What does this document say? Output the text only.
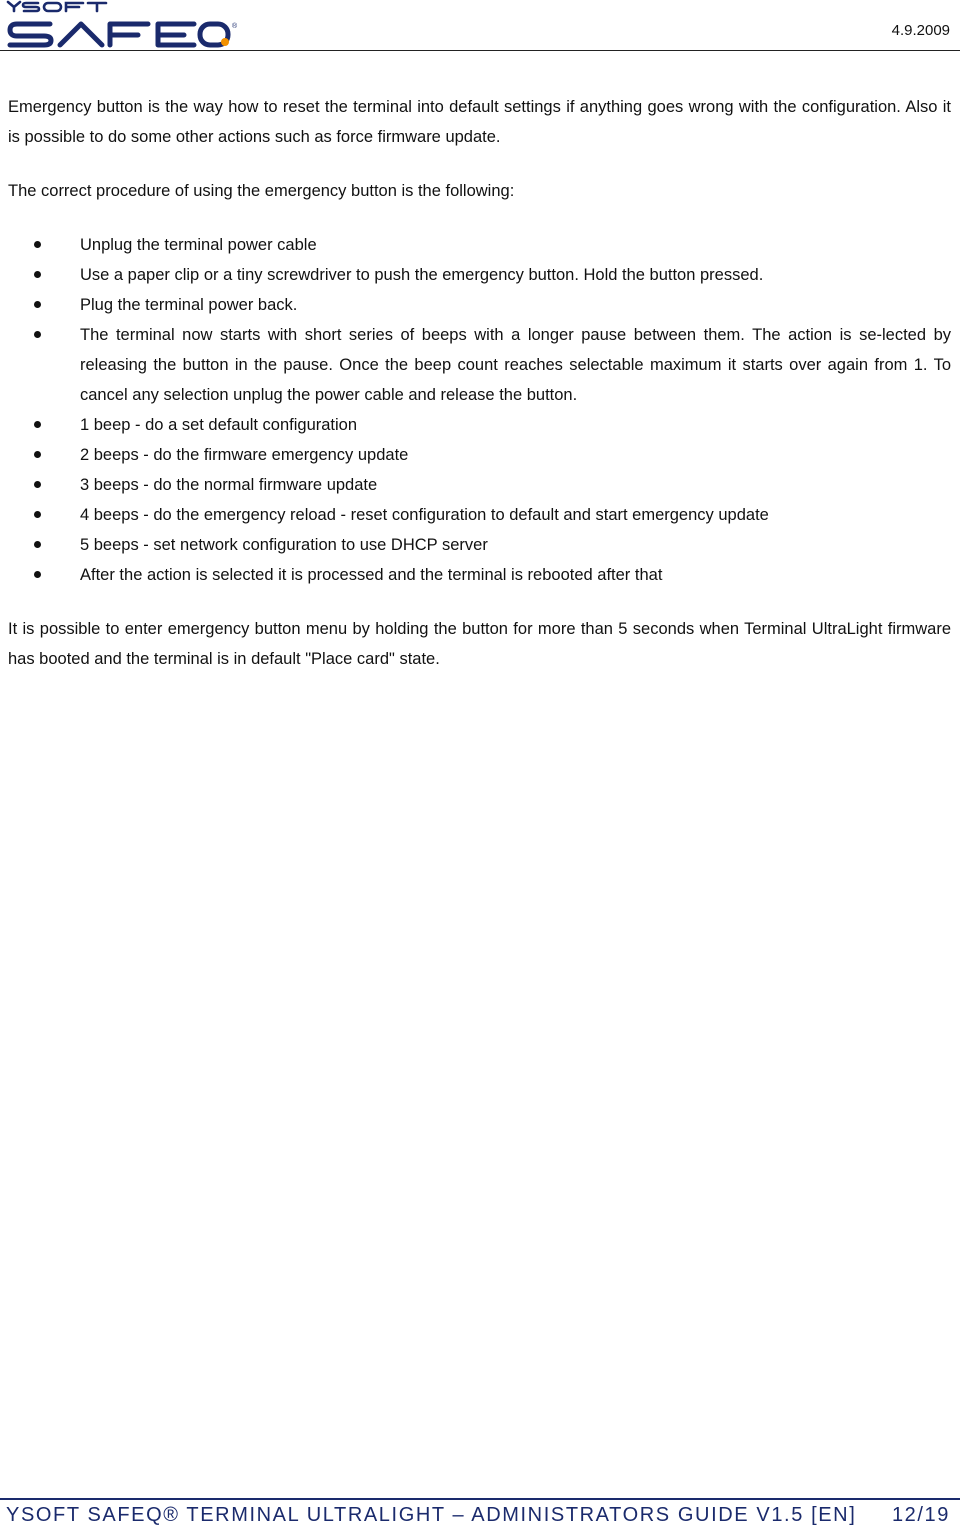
®	4.9.2009

Emergency button is the way how to reset the terminal into default settings if anything goes wrong with the configuration. Also it is possible to do some other actions such as force firmware update.

The correct procedure of using the emergency button is the following:

Unplug the terminal power cable
Use a paper clip or a tiny screwdriver to push the emergency button. Hold the button pressed.
Plug the terminal power back.
The terminal now starts with short series of beeps with a longer pause between them. The action is se-lected by releasing the button in the pause. Once the beep count reaches selectable maximum it starts over again from 1. To cancel any selection unplug the power cable and release the button.
1 beep - do a set default configuration
2 beeps - do the firmware emergency update
3 beeps - do the normal firmware update
4 beeps - do the emergency reload - reset configuration to default and start emergency update
5 beeps - set network configuration to use DHCP server
After the action is selected it is processed and the terminal is rebooted after that

It is possible to enter emergency button menu by holding the button for more than 5 seconds when Terminal UltraLight firmware has booted and the terminal is in default "Place card" state.

YSOFT SAFEQ® TERMINAL ULTRALIGHT – ADMINISTRATORS GUIDE V1.5 [EN] 12/19
